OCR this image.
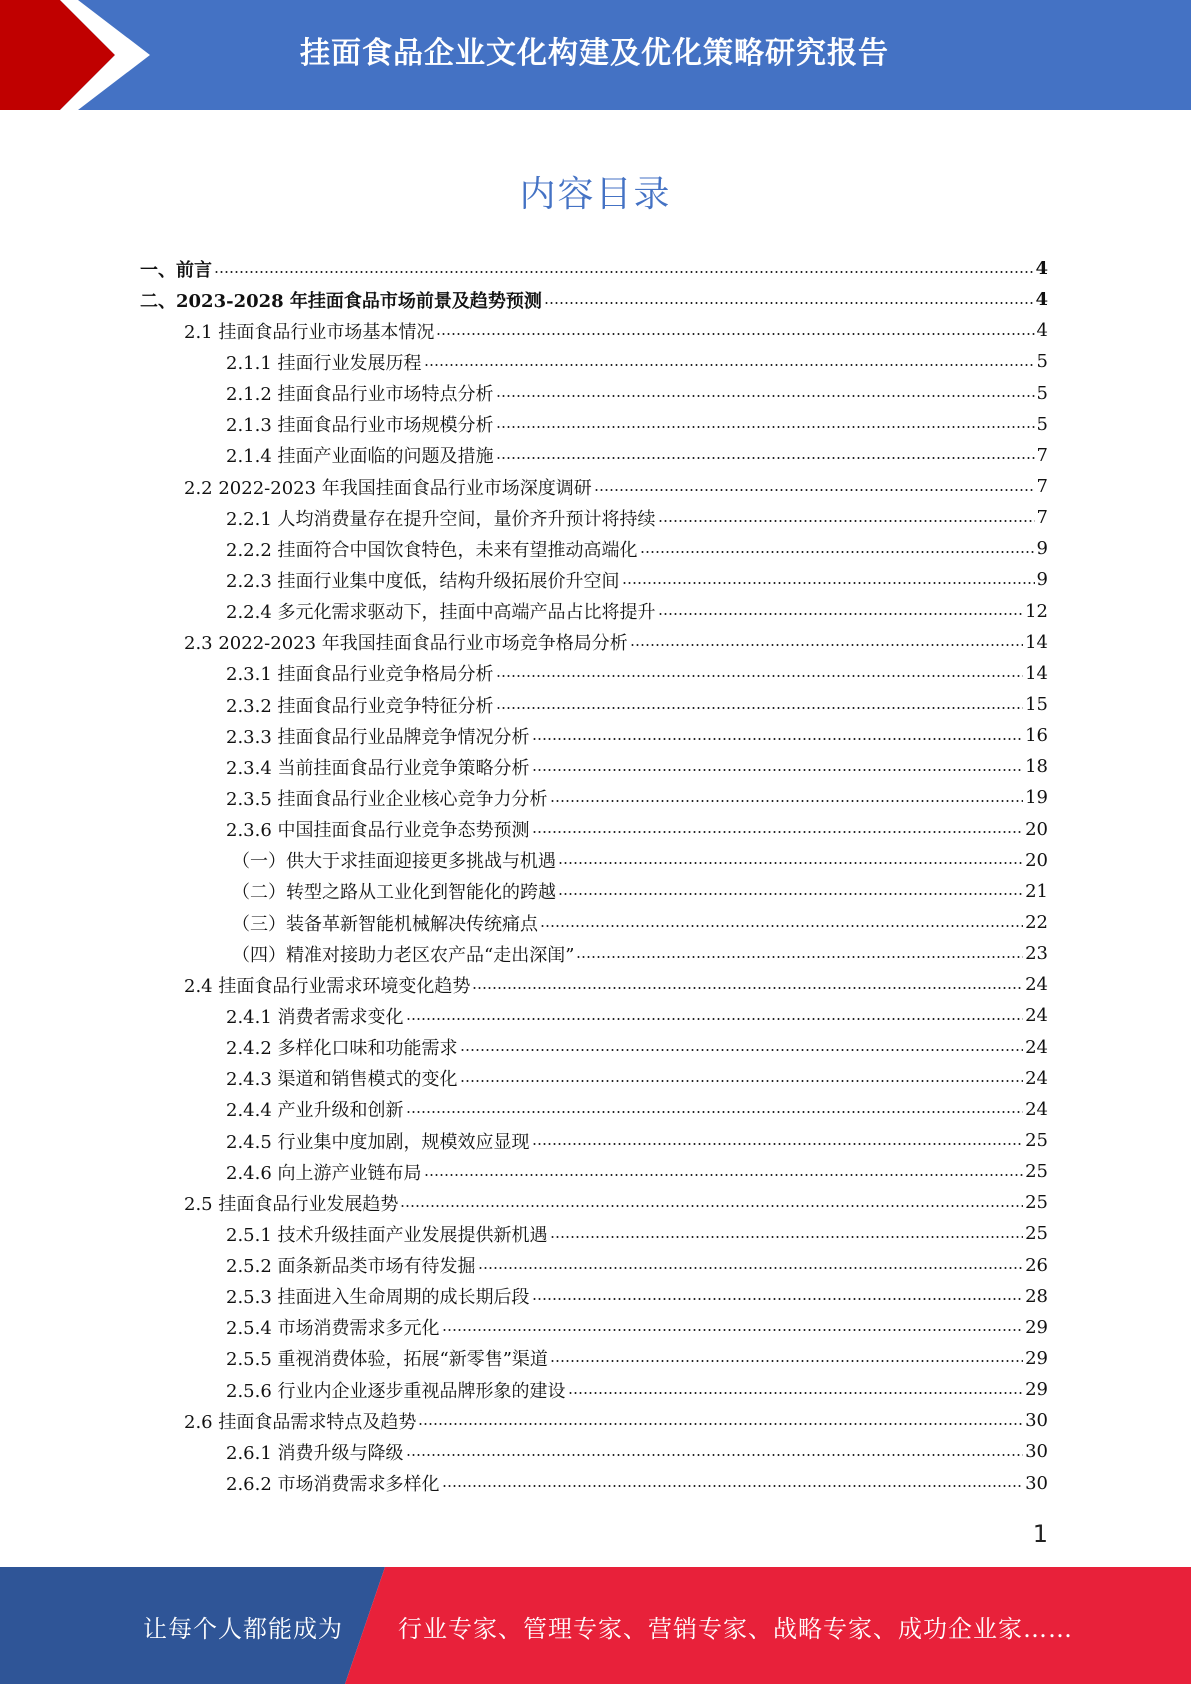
挂面食品企业文化构建及优化策略研究报告
内容目录
一、前言	4
二、2023-2028 年挂面食品市场前景及趋势预测	4
2.1 挂面食品行业市场基本情况	4
2.1.1 挂面行业发展历程	5
2.1.2 挂面食品行业市场特点分析	5
2.1.3 挂面食品行业市场规模分析	5
2.1.4 挂面产业面临的问题及措施	7
2.2 2022-2023 年我国挂面食品行业市场深度调研	7
2.2.1 人均消费量存在提升空间，量价齐升预计将持续	7
2.2.2 挂面符合中国饮食特色，未来有望推动高端化	9
2.2.3 挂面行业集中度低，结构升级拓展价升空间	9
2.2.4 多元化需求驱动下，挂面中高端产品占比将提升	12
2.3 2022-2023 年我国挂面食品行业市场竞争格局分析	14
2.3.1 挂面食品行业竞争格局分析	14
2.3.2 挂面食品行业竞争特征分析	15
2.3.3 挂面食品行业品牌竞争情况分析	16
2.3.4 当前挂面食品行业竞争策略分析	18
2.3.5 挂面食品行业企业核心竞争力分析	19
2.3.6 中国挂面食品行业竞争态势预测	20
（一）供大于求挂面迎接更多挑战与机遇	20
（二）转型之路从工业化到智能化的跨越	21
（三）装备革新智能机械解决传统痛点	22
（四）精准对接助力老区农产品“走出深闺”	23
2.4 挂面食品行业需求环境变化趋势	24
2.4.1 消费者需求变化	24
2.4.2 多样化口味和功能需求	24
2.4.3 渠道和销售模式的变化	24
2.4.4 产业升级和创新	24
2.4.5 行业集中度加剧，规模效应显现	25
2.4.6 向上游产业链布局	25
2.5 挂面食品行业发展趋势	25
2.5.1 技术升级挂面产业发展提供新机遇	25
2.5.2 面条新品类市场有待发掘	26
2.5.3 挂面进入生命周期的成长期后段	28
2.5.4 市场消费需求多元化	29
2.5.5 重视消费体验，拓展“新零售”渠道	29
2.5.6 行业内企业逐步重视品牌形象的建设	29
2.6 挂面食品需求特点及趋势	30
2.6.1 消费升级与降级	30
2.6.2 市场消费需求多样化	30
1
让每个人都能成为 行业专家、管理专家、营销专家、战略专家、成功企业家……
